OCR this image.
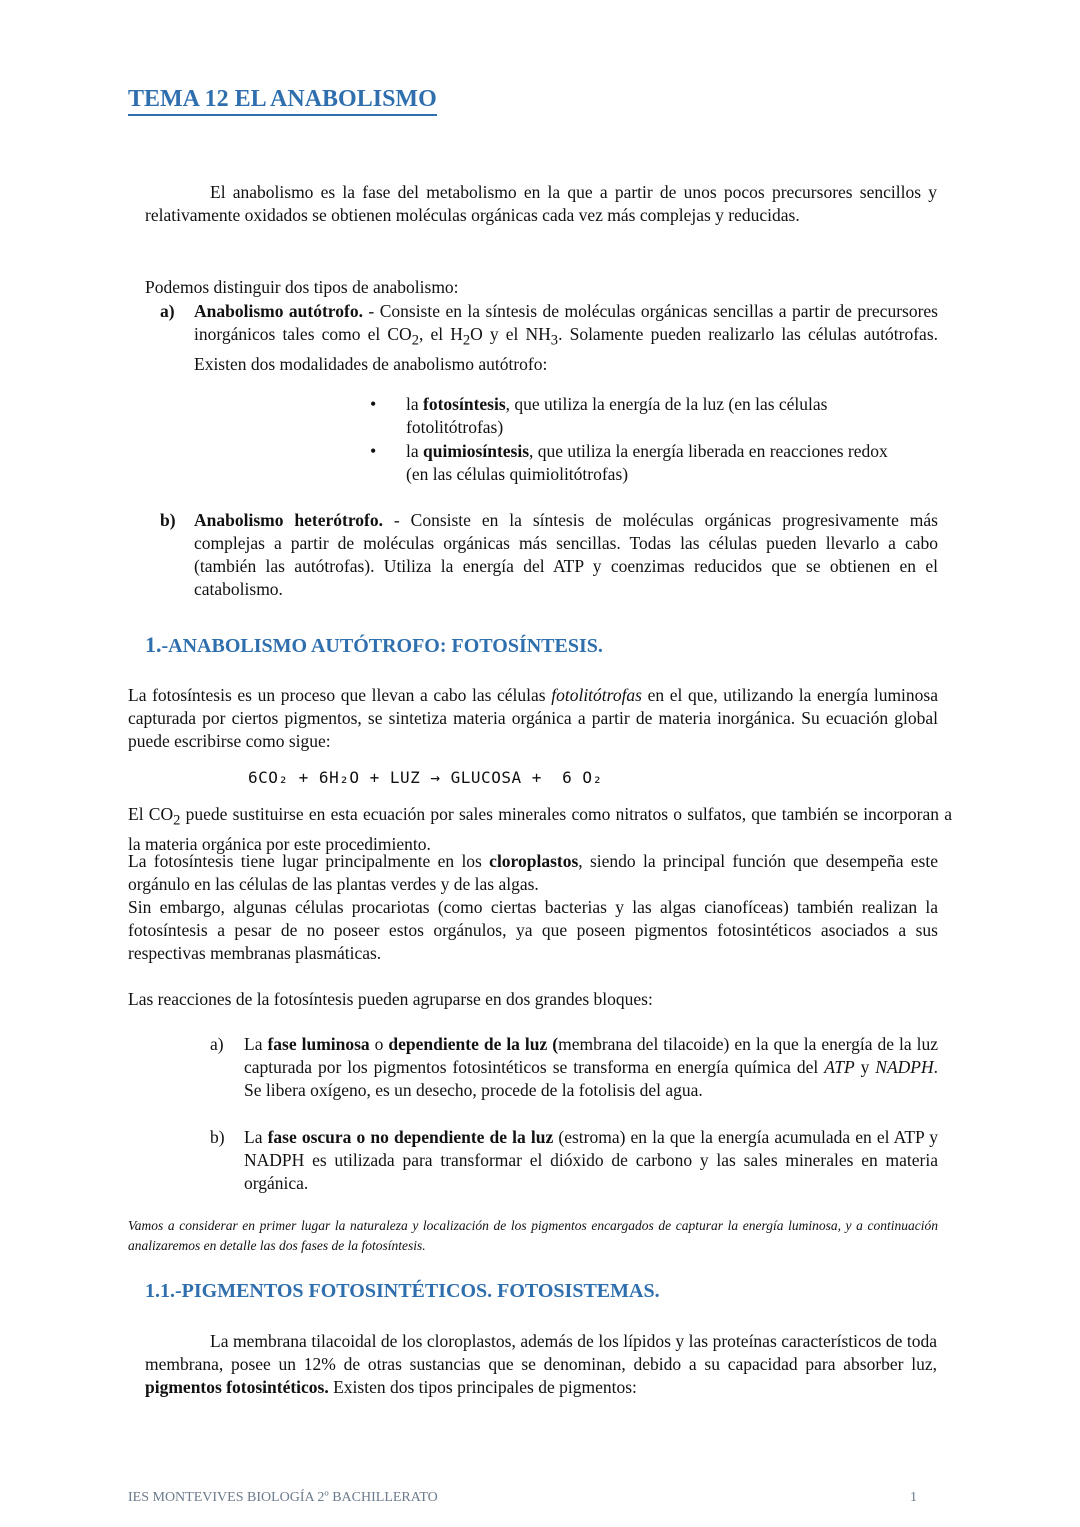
TEMA 12 EL ANABOLISMO

El anabolismo es la fase del metabolismo en la que a partir de unos pocos precursores sencillos y relativamente oxidados se obtienen moléculas orgánicas cada vez más complejas y reducidas.

Podemos distinguir dos tipos de anabolismo:

a) Anabolismo autótrofo. - Consiste en la síntesis de moléculas orgánicas sencillas a partir de precursores inorgánicos tales como el $CO_2$, el $H_2O$ y el $NH_3$. Solamente pueden realizarlo las células autótrofas. Existen dos modalidades de anabolismo autótrofo:

• la fotosíntesis, que utiliza la energía de la luz (en las células fotolitótrofas)

• la quimiosíntesis, que utiliza la energía liberada en reacciones redox (en las células quimiolitótrofas)

b) Anabolismo heterótrofo. - Consiste en la síntesis de moléculas orgánicas progresivamente más complejas a partir de moléculas orgánicas más sencillas. Todas las células pueden llevarlo a cabo (también las autótrofas). Utiliza la energía del ATP y coenzimas reducidos que se obtienen en el catabolismo.

1.-ANABOLISMO AUTÓTROFO: FOTOSÍNTESIS.

La fotosíntesis es un proceso que llevan a cabo las células fotolitótrofas en el que, utilizando la energía luminosa capturada por ciertos pigmentos, se sintetiza materia orgánica a partir de materia inorgánica. Su ecuación global puede escribirse como sigue:

6CO₂ + 6H₂O + LUZ → GLUCOSA +  6 O₂

El $CO_2$ puede sustituirse en esta ecuación por sales minerales como nitratos o sulfatos, que también se incorporan a la materia orgánica por este procedimiento.

La fotosíntesis tiene lugar principalmente en los cloroplastos, siendo la principal función que desempeña este orgánulo en las células de las plantas verdes y de las algas.

Sin embargo, algunas células procariotas (como ciertas bacterias y las algas cianofíceas) también realizan la fotosíntesis a pesar de no poseer estos orgánulos, ya que poseen pigmentos fotosintéticos asociados a sus respectivas membranas plasmáticas.

Las reacciones de la fotosíntesis pueden agruparse en dos grandes bloques:

a) La fase luminosa o dependiente de la luz (membrana del tilacoide) en la que la energía de la luz capturada por los pigmentos fotosintéticos se transforma en energía química del ATP y NADPH. Se libera oxígeno, es un desecho, procede de la fotolisis del agua.

b) La fase oscura o no dependiente de la luz (estroma) en la que la energía acumulada en el ATP y NADPH es utilizada para transformar el dióxido de carbono y las sales minerales en materia orgánica.

Vamos a considerar en primer lugar la naturaleza y localización de los pigmentos encargados de capturar la energía luminosa, y a continuación analizaremos en detalle las dos fases de la fotosíntesis.

1.1.-PIGMENTOS FOTOSINTÉTICOS. FOTOSISTEMAS.

La membrana tilacoidal de los cloroplastos, además de los lípidos y las proteínas característicos de toda membrana, posee un 12% de otras sustancias que se denominan, debido a su capacidad para absorber luz, pigmentos fotosintéticos. Existen dos tipos principales de pigmentos:

IES MONTEVIVES BIOLOGÍA 2º BACHILLERATO	1
